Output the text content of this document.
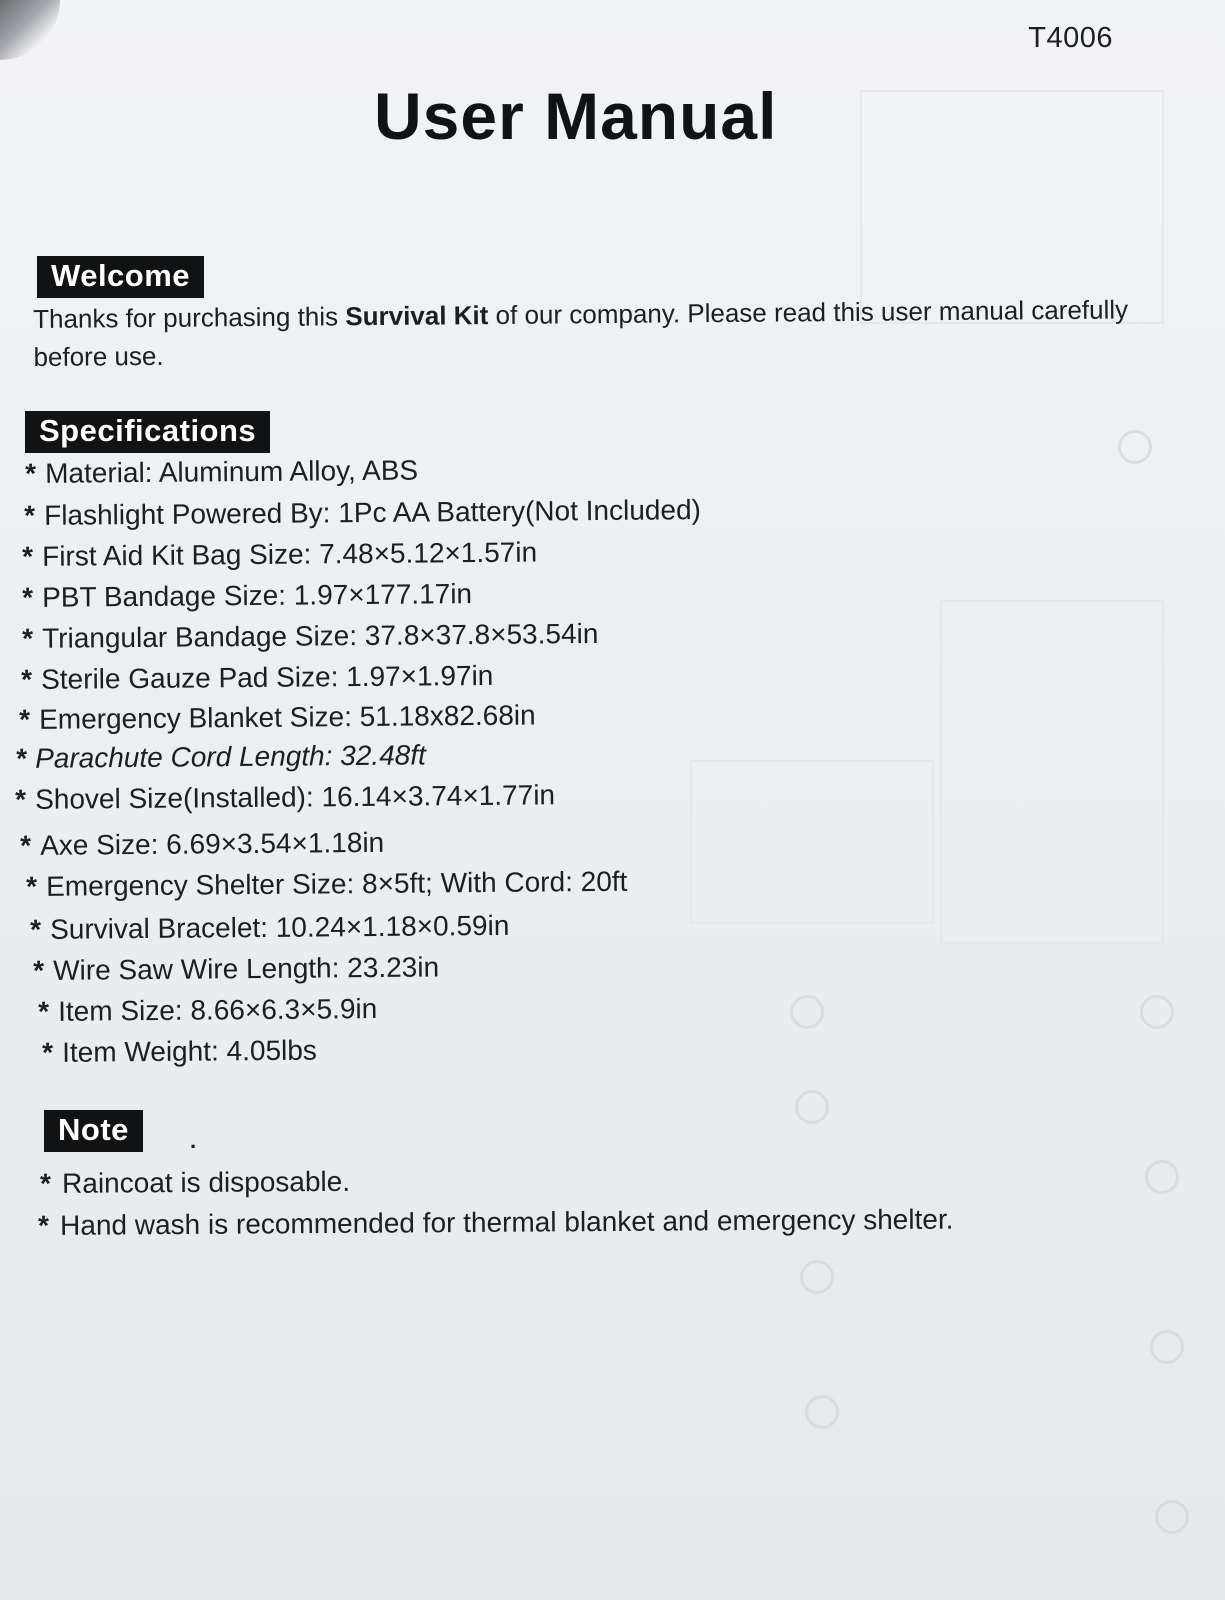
T4006
User Manual
Welcome
Thanks for purchasing this Survival Kit of our company. Please read this user manual carefully before use.
Specifications
* Material: Aluminum Alloy, ABS
* Flashlight Powered By: 1Pc AA Battery(Not Included)
* First Aid Kit Bag Size: 7.48×5.12×1.57in
* PBT Bandage Size: 1.97×177.17in
* Triangular Bandage Size: 37.8×37.8×53.54in
* Sterile Gauze Pad Size: 1.97×1.97in
* Emergency Blanket Size: 51.18x82.68in
* Parachute Cord Length: 32.48ft
* Shovel Size(Installed): 16.14×3.74×1.77in
* Axe Size: 6.69×3.54×1.18in
* Emergency Shelter Size: 8×5ft; With Cord: 20ft
* Survival Bracelet: 10.24×1.18×0.59in
* Wire Saw Wire Length: 23.23in
* Item Size: 8.66×6.3×5.9in
* Item Weight: 4.05lbs
Note	.
* Raincoat is disposable.
* Hand wash is recommended for thermal blanket and emergency shelter.
